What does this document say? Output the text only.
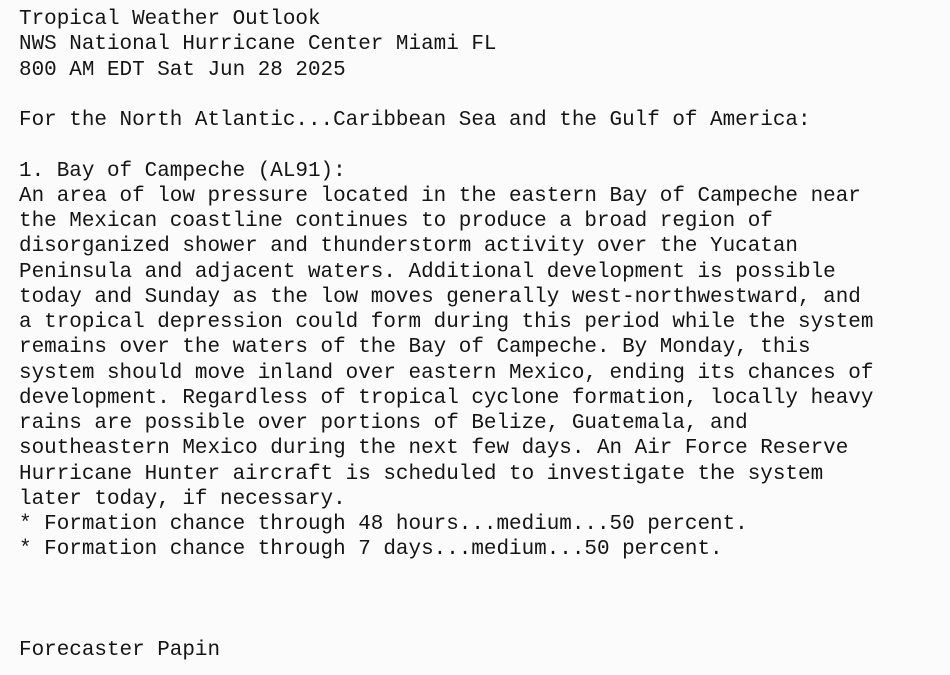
Tropical Weather Outlook
NWS National Hurricane Center Miami FL
800 AM EDT Sat Jun 28 2025
For the North Atlantic...Caribbean Sea and the Gulf of America:
1. Bay of Campeche (AL91):
An area of low pressure located in the eastern Bay of Campeche near
the Mexican coastline continues to produce a broad region of
disorganized shower and thunderstorm activity over the Yucatan
Peninsula and adjacent waters. Additional development is possible
today and Sunday as the low moves generally west-northwestward, and
a tropical depression could form during this period while the system
remains over the waters of the Bay of Campeche. By Monday, this
system should move inland over eastern Mexico, ending its chances of
development. Regardless of tropical cyclone formation, locally heavy
rains are possible over portions of Belize, Guatemala, and
southeastern Mexico during the next few days. An Air Force Reserve
Hurricane Hunter aircraft is scheduled to investigate the system
later today, if necessary.
* Formation chance through 48 hours...medium...50 percent.
* Formation chance through 7 days...medium...50 percent.
Forecaster Papin
